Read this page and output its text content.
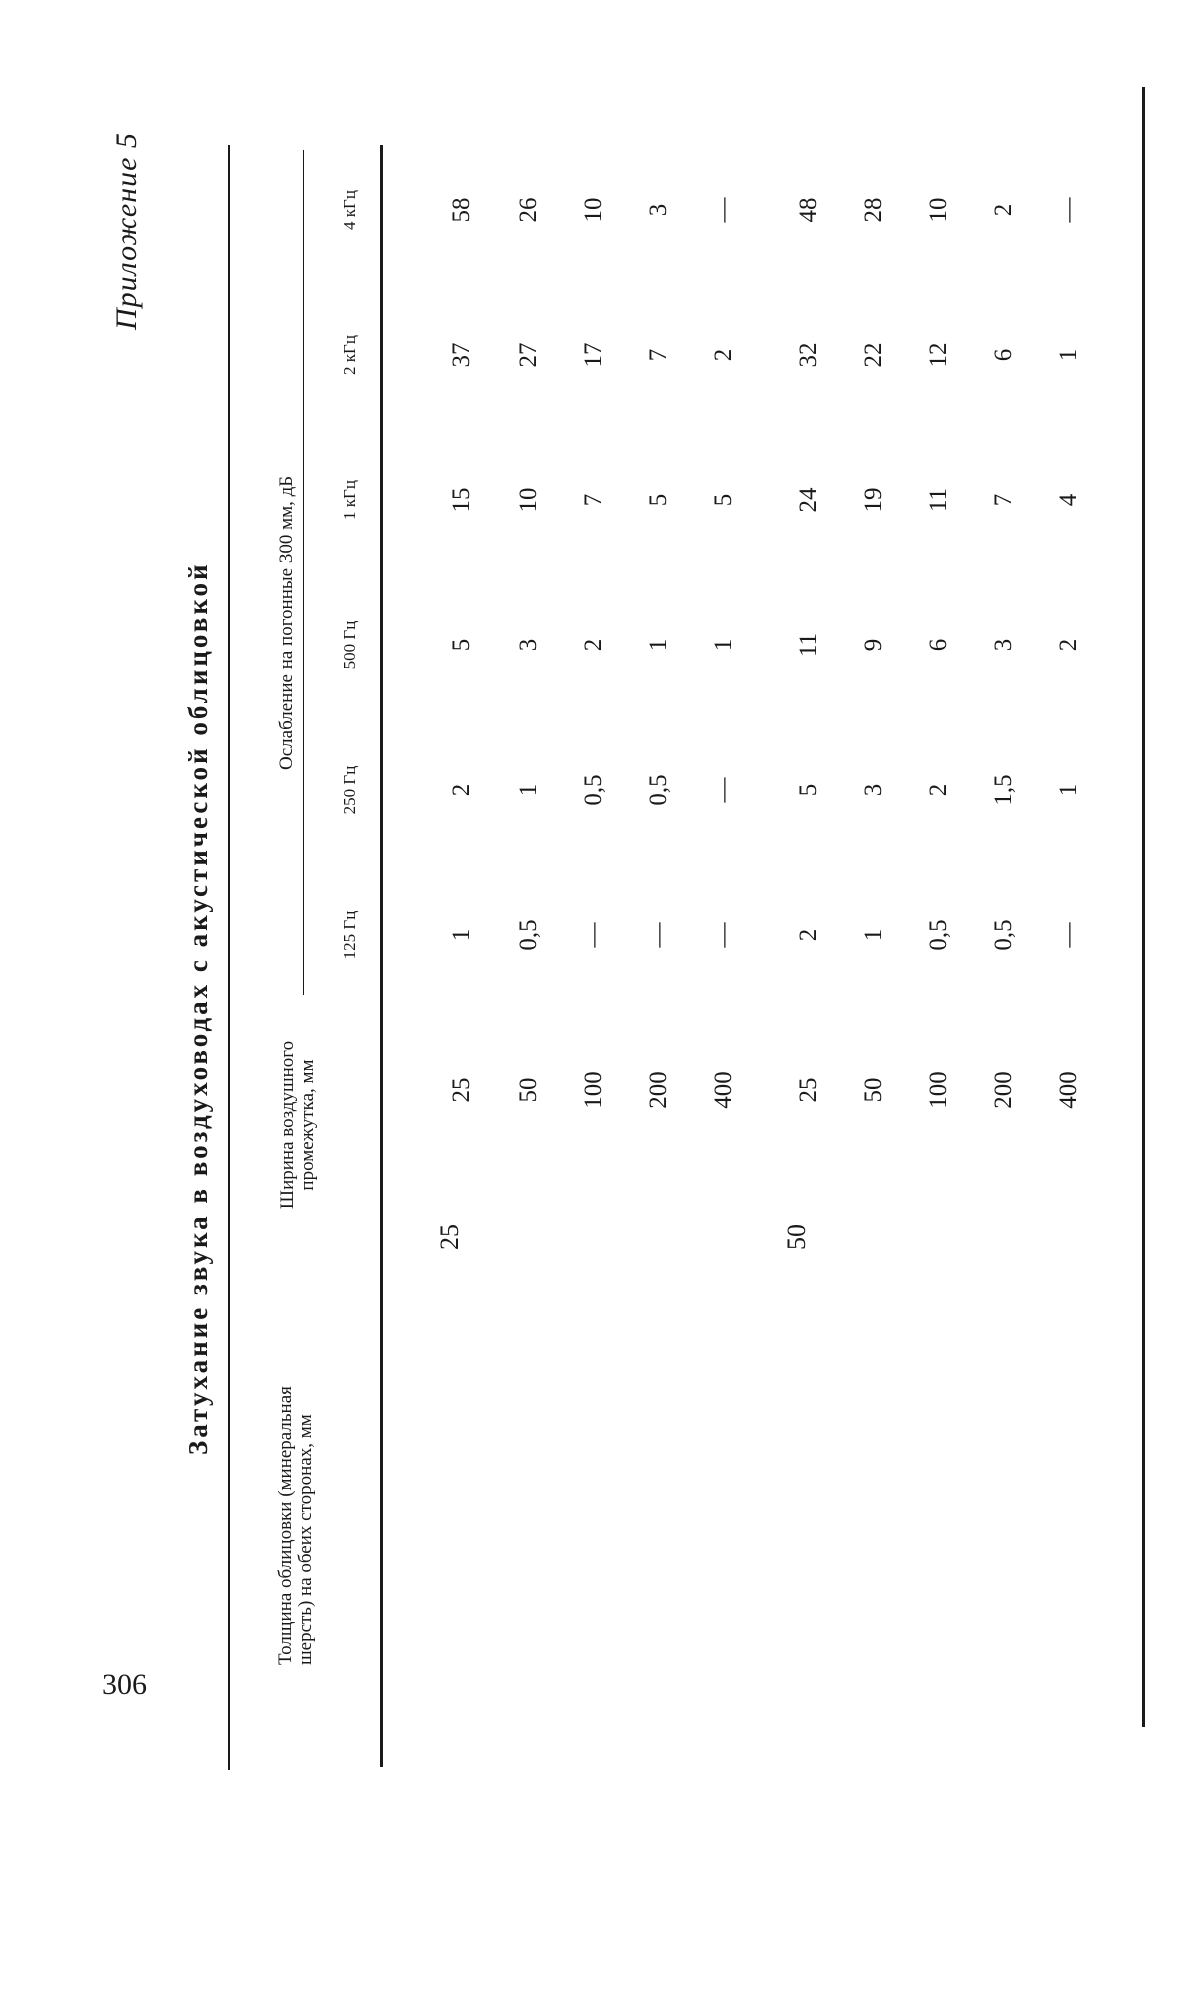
306
Приложение 5
Затухание звука в воздуховодах с акустической облицовкой
Толщина облицовки (минеральная шерсть) на обеих сторонах, мм
Ширина воздушного промежутка, мм
Ослабление на погонные 300 мм, дБ
125 Гц
250 Гц
500 Гц
1 кГц
2 кГц
4 кГц
25
25
1
2
5
15
37
58
50
0,5
1
3
10
27
26
100
—
0,5
2
7
17
10
200
—
0,5
1
5
7
3
400
—
—
1
5
2
—
50
25
2
5
11
24
32
48
50
1
3
9
19
22
28
100
0,5
2
6
11
12
10
200
0,5
1,5
3
7
6
2
400
—
1
2
4
1
—
